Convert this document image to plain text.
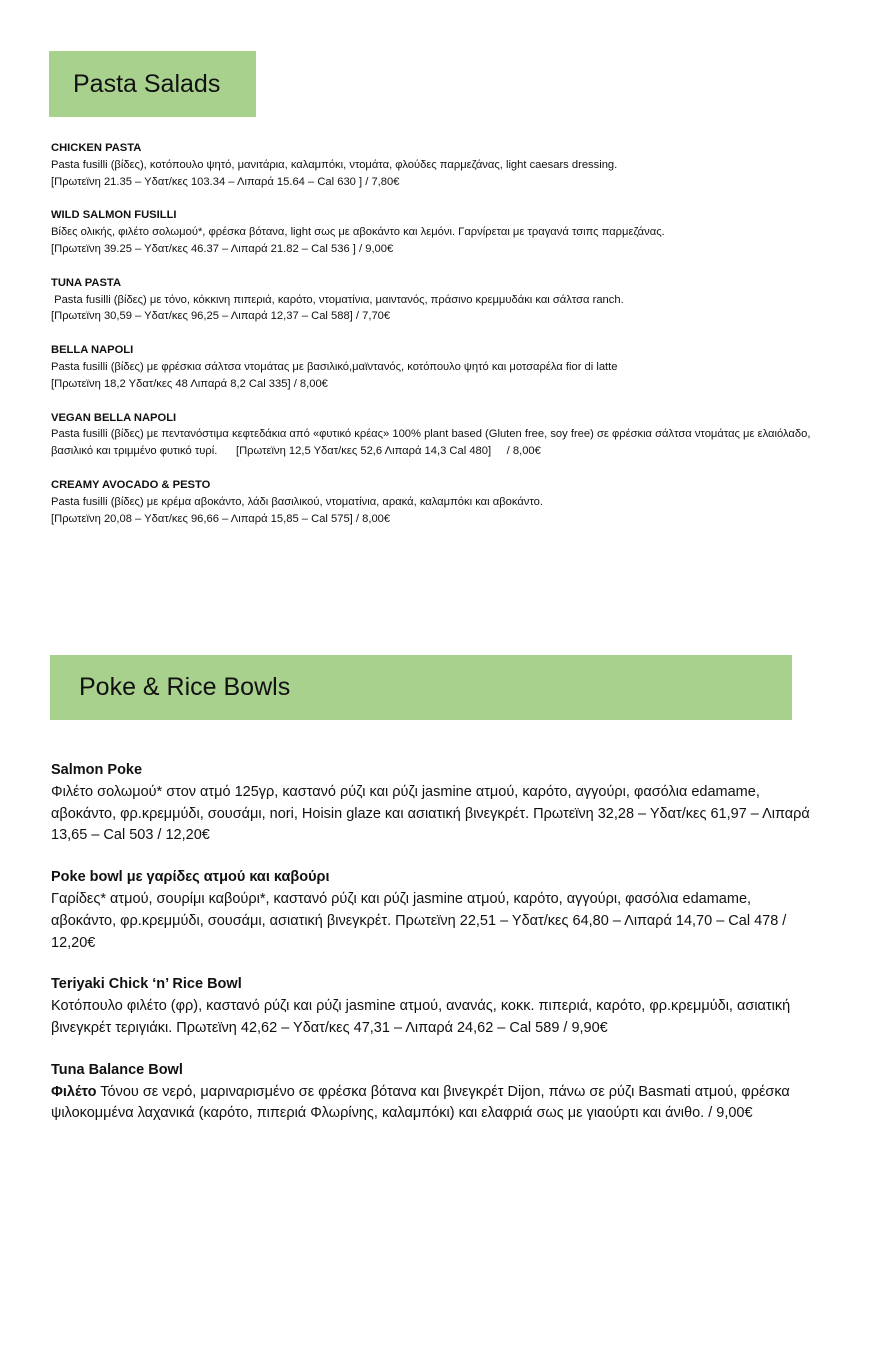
Pasta Salads
CHICKEN PASTA
Pasta fusilli (βίδες), κοτόπουλο ψητό, μανιτάρια, καλαμπόκι, ντομάτα, φλούδες παρμεζάνας, light caesars dressing.
[Πρωτεϊνη 21.35 – Υδατ/κες 103.34 – Λιπαρά 15.64 – Cal 630 ] / 7,80€
WILD SALMON FUSILLI
Βίδες ολικής, φιλέτο σολωμού*, φρέσκα βότανα, light σως με αβοκάντο και λεμόνι. Γαρνίρεται με τραγανά τσιπς παρμεζάνας.
[Πρωτεϊνη 39.25 – Υδατ/κες 46.37 – Λιπαρά 21.82 – Cal 536 ] / 9,00€
TUNA PASTA
Pasta fusilli (βίδες) με τόνο, κόκκινη πιπεριά, καρότο, ντοματίνια, μαιντανός, πράσινο κρεμμυδάκι και σάλτσα ranch.
[Πρωτεϊνη 30,59 – Υδατ/κες 96,25 – Λιπαρά 12,37 – Cal 588] / 7,70€
BELLA NAPOLI
Pasta fusilli (βίδες) με φρέσκια σάλτσα ντομάτας με βασιλικό,μαϊντανός, κοτόπουλο ψητό και μοτσαρέλα fior di latte
[Πρωτεϊνη 18,2 Υδατ/κες 48 Λιπαρά 8,2 Cal 335] / 8,00€
VEGAN BELLA NAPOLI
Pasta fusilli (βίδες) με πεντανόστιμα κεφτεδάκια από «φυτικό κρέας» 100% plant based (Gluten free, soy free) σε φρέσκια σάλτσα ντομάτας με ελαιόλαδο, βασιλικό και τριμμένο φυτικό τυρί.      [Πρωτεϊνη 12,5 Υδατ/κες 52,6 Λιπαρά 14,3 Cal 480]     / 8,00€
CREAMY AVOCADO & PESTO
Pasta fusilli (βίδες) με κρέμα αβοκάντο, λάδι βασιλικού, ντοματίνια, αρακά, καλαμπόκι και αβοκάντο.
[Πρωτεϊνη 20,08 – Υδατ/κες 96,66 – Λιπαρά 15,85 – Cal 575] / 8,00€
Poke & Rice Bowls
Salmon Poke
Φιλέτο σολωμού* στον ατμό 125γρ, καστανό ρύζι και ρύζι jasmine ατμού, καρότο, αγγούρι, φασόλια edamame, αβοκάντο, φρ.κρεμμύδι, σουσάμι, nori, Hoisin glaze και ασιατική βινεγκρέτ. Πρωτεϊνη 32,28 – Υδατ/κες 61,97 – Λιπαρά 13,65 – Cal 503 / 12,20€
Poke bowl με γαρίδες ατμού και καβούρι
Γαρίδες* ατμού, σουρίμι καβούρι*, καστανό ρύζι και ρύζι jasmine ατμού, καρότο, αγγούρι, φασόλια edamame, αβοκάντο, φρ.κρεμμύδι, σουσάμι, ασιατική βινεγκρέτ. Πρωτεϊνη 22,51 – Υδατ/κες 64,80 – Λιπαρά 14,70 – Cal 478 / 12,20€
Teriyaki Chick ‘n’ Rice Bowl
Κοτόπουλο φιλέτο (φρ), καστανό ρύζι και ρύζι jasmine ατμού, ανανάς, κοκκ. πιπεριά, καρότο, φρ.κρεμμύδι, ασιατική βινεγκρέτ τεριγιάκι. Πρωτεϊνη 42,62 – Υδατ/κες 47,31 – Λιπαρά 24,62 – Cal 589 / 9,90€
Tuna Balance Bowl
Φιλέτο Τόνου σε νερό, μαριναρισμένο σε φρέσκα βότανα και βινεγκρέτ Dijon, πάνω σε ρύζι Basmati ατμού, φρέσκα ψιλοκομμένα λαχανικά (καρότο, πιπεριά Φλωρίνης, καλαμπόκι) και ελαφριά σως με γιαούρτι και άνιθο. / 9,00€
